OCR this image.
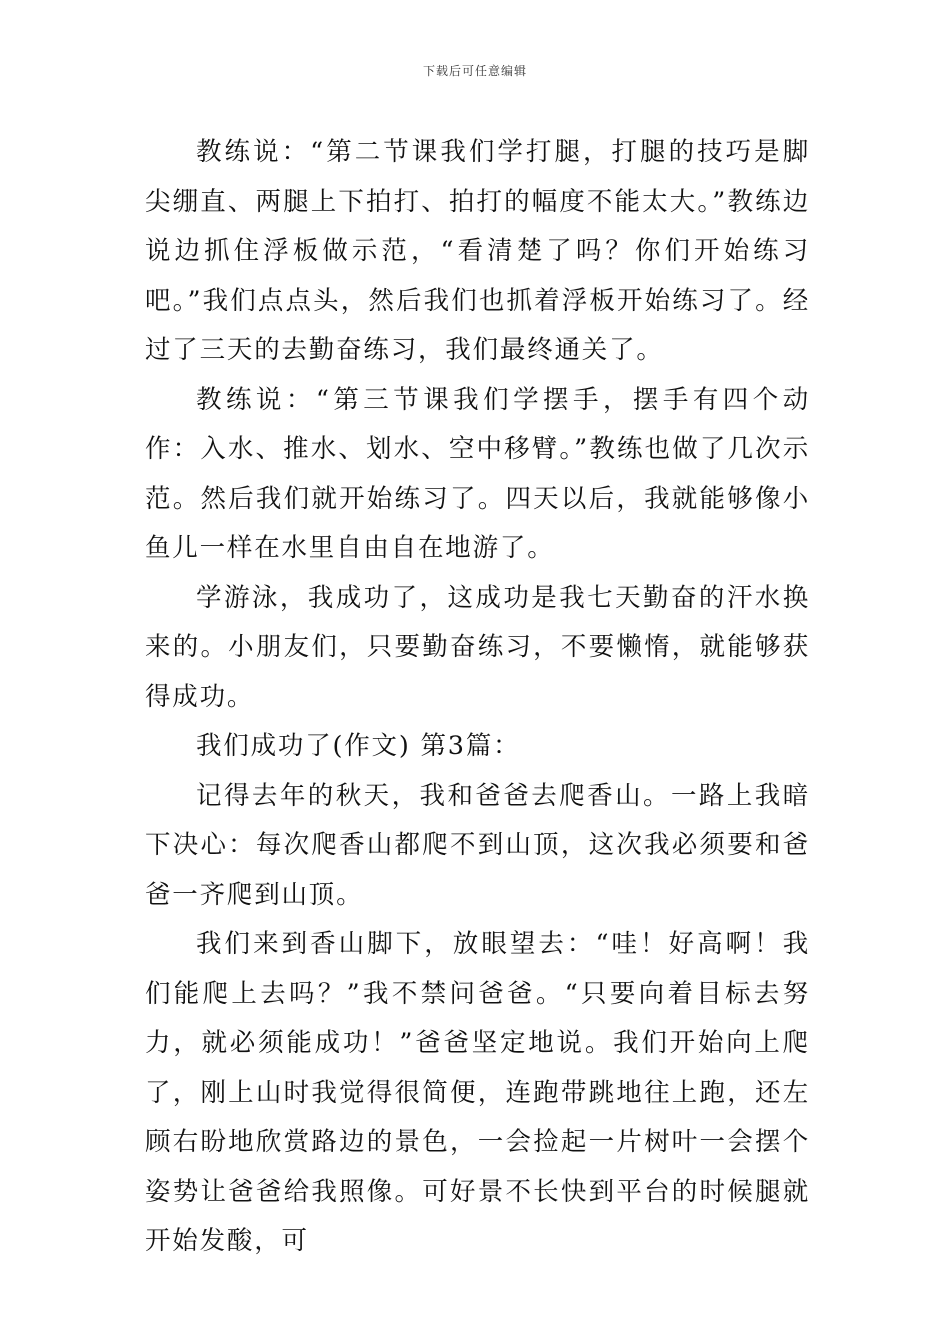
下载后可任意编辑

教练说：“第二节课我们学打腿，打腿的技巧是脚尖绷直、两腿上下拍打、拍打的幅度不能太大。”教练边说边抓住浮板做示范，“看清楚了吗？你们开始练习吧。”我们点点头，然后我们也抓着浮板开始练习了。经过了三天的去勤奋练习，我们最终通关了。

教练说：“第三节课我们学摆手，摆手有四个动作：入水、推水、划水、空中移臂。”教练也做了几次示范。然后我们就开始练习了。四天以后，我就能够像小鱼儿一样在水里自由自在地游了。

学游泳，我成功了，这成功是我七天勤奋的汗水换来的。小朋友们，只要勤奋练习，不要懒惰，就能够获得成功。

我们成功了(作文) 第3篇：

记得去年的秋天，我和爸爸去爬香山。一路上我暗下决心：每次爬香山都爬不到山顶，这次我必须要和爸爸一齐爬到山顶。

我们来到香山脚下，放眼望去：“哇！好高啊！我们能爬上去吗？”我不禁问爸爸。“只要向着目标去努力，就必须能成功！”爸爸坚定地说。我们开始向上爬了，刚上山时我觉得很简便，连跑带跳地往上跑，还左顾右盼地欣赏路边的景色，一会捡起一片树叶一会摆个姿势让爸爸给我照像。可好景不长快到平台的时候腿就开始发酸，可
